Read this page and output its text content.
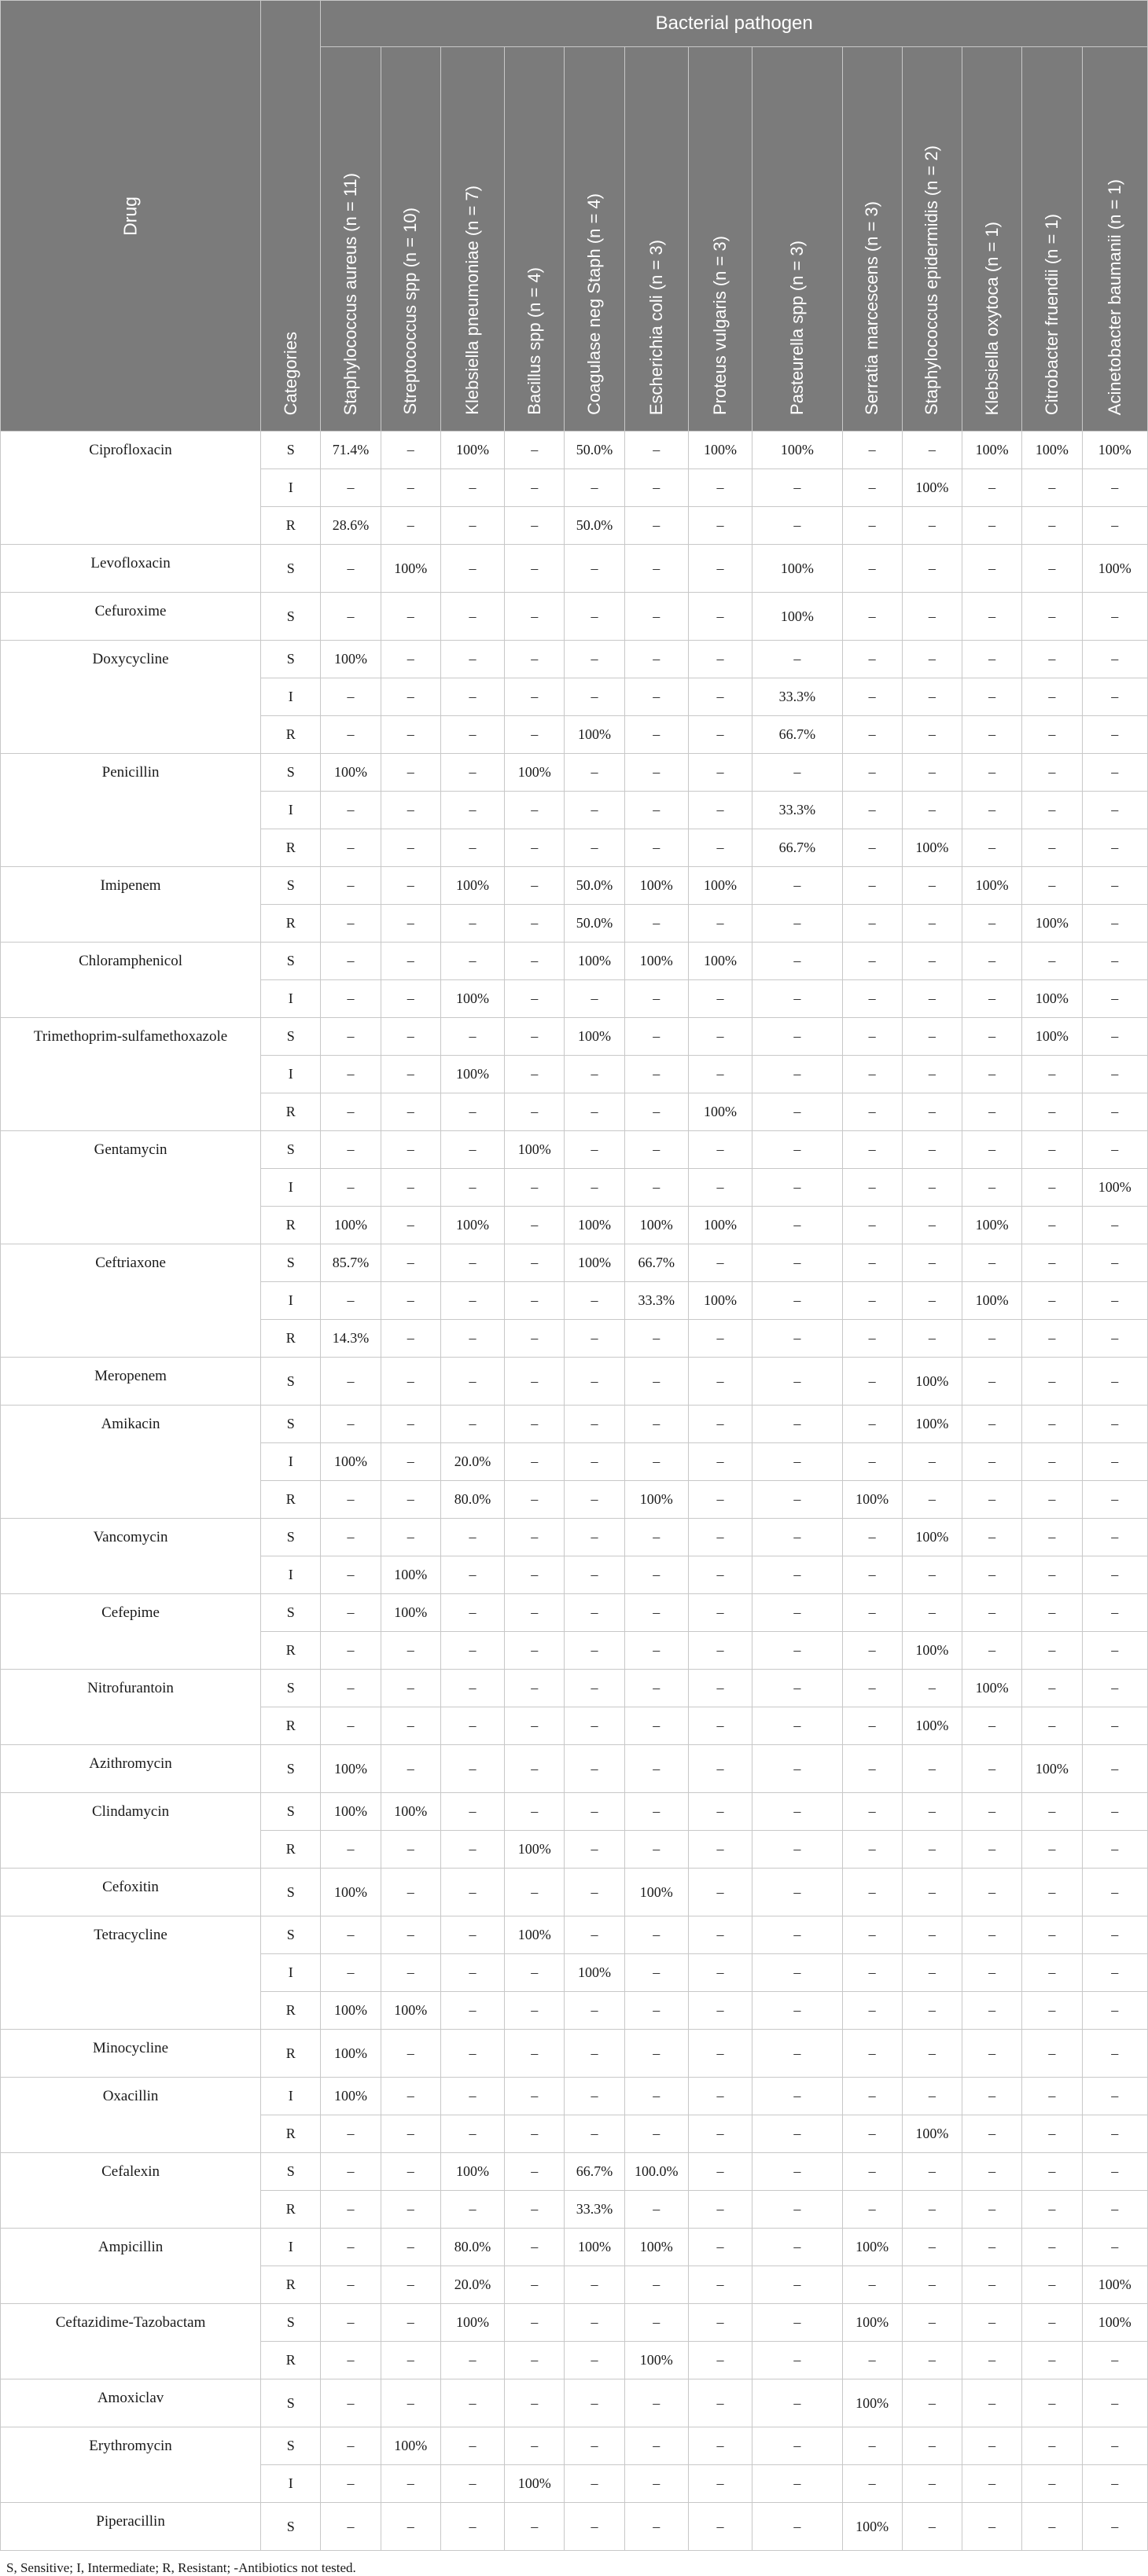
Drug	Categories	Bacterial pathogen												

		Staphylococcus aureus (n = 11)	Streptococcus spp (n = 10)	Klebsiella pneumoniae (n = 7)	Bacillus spp (n = 4)	Coagulase neg Staph (n = 4)	Escherichia coli (n = 3)	Proteus vulgaris (n = 3)	Pasteurella spp (n = 3)	Serratia marcescens (n = 3)	Staphylococcus epidermidis (n = 2)	Klebsiella oxytoca (n = 1)	Citrobacter fruendii (n = 1)	Acinetobacter baumanii (n = 1)

Ciprofloxacin	S	71.4%	–	100%	–	50.0%	–	100%	100%	–	–	100%	100%	100%
	I	–	–	–	–	–	–	–	–	–	100%	–	–	–
	R	28.6%	–	–	–	50.0%	–	–	–	–	–	–	–	–
Levofloxacin	S	–	100%	–	–	–	–	–	100%	–	–	–	–	100%
Cefuroxime	S	–	–	–	–	–	–	–	100%	–	–	–	–	–
Doxycycline	S	100%	–	–	–	–	–	–	–	–	–	–	–	–
	I	–	–	–	–	–	–	–	33.3%	–	–	–	–	–
	R	–	–	–	–	100%	–	–	66.7%	–	–	–	–	–
Penicillin	S	100%	–	–	100%	–	–	–	–	–	–	–	–	–
	I	–	–	–	–	–	–	–	33.3%	–	–	–	–	–
	R	–	–	–	–	–	–	–	66.7%	–	100%	–	–	–
Imipenem	S	–	–	100%	–	50.0%	100%	100%	–	–	–	100%	–	–
	R	–	–	–	–	50.0%	–	–	–	–	–	–	100%	–
Chloramphenicol	S	–	–	–	–	100%	100%	100%	–	–	–	–	–	–
	I	–	–	100%	–	–	–	–	–	–	–	–	100%	–
Trimethoprim-sulfamethoxazole	S	–	–	–	–	100%	–	–	–	–	–	–	100%	–
	I	–	–	100%	–	–	–	–	–	–	–	–	–	–
	R	–	–	–	–	–	–	100%	–	–	–	–	–	–
Gentamycin	S	–	–	–	100%	–	–	–	–	–	–	–	–	–
	I	–	–	–	–	–	–	–	–	–	–	–	–	100%
	R	100%	–	100%	–	100%	100%	100%	–	–	–	100%	–	–
Ceftriaxone	S	85.7%	–	–	–	100%	66.7%	–	–	–	–	–	–	–
	I	–	–	–	–	–	33.3%	100%	–	–	–	100%	–	–
	R	14.3%	–	–	–	–	–	–	–	–	–	–	–	–
Meropenem	S	–	–	–	–	–	–	–	–	–	100%	–	–	–
Amikacin	S	–	–	–	–	–	–	–	–	–	100%	–	–	–
	I	100%	–	20.0%	–	–	–	–	–	–	–	–	–	–
	R	–	–	80.0%	–	–	100%	–	–	100%	–	–	–	–
Vancomycin	S	–	–	–	–	–	–	–	–	–	100%	–	–	–
	I	–	100%	–	–	–	–	–	–	–	–	–	–	–
Cefepime	S	–	100%	–	–	–	–	–	–	–	–	–	–	–
	R	–	–	–	–	–	–	–	–	–	100%	–	–	–
Nitrofurantoin	S	–	–	–	–	–	–	–	–	–	–	100%	–	–
	R	–	–	–	–	–	–	–	–	–	100%	–	–	–
Azithromycin	S	100%	–	–	–	–	–	–	–	–	–	–	100%	–
Clindamycin	S	100%	100%	–	–	–	–	–	–	–	–	–	–	–
	R	–	–	–	100%	–	–	–	–	–	–	–	–	–
Cefoxitin	S	100%	–	–	–	–	100%	–	–	–	–	–	–	–
Tetracycline	S	–	–	–	100%	–	–	–	–	–	–	–	–	–
	I	–	–	–	–	100%	–	–	–	–	–	–	–	–
	R	100%	100%	–	–	–	–	–	–	–	–	–	–	–
Minocycline	R	100%	–	–	–	–	–	–	–	–	–	–	–	–
Oxacillin	I	100%	–	–	–	–	–	–	–	–	–	–	–	–
	R	–	–	–	–	–	–	–	–	–	100%	–	–	–
Cefalexin	S	–	–	100%	–	66.7%	100.0%	–	–	–	–	–	–	–
	R	–	–	–	–	33.3%	–	–	–	–	–	–	–	–
Ampicillin	I	–	–	80.0%	–	100%	100%	–	–	100%	–	–	–	–
	R	–	–	20.0%	–	–	–	–	–	–	–	–	–	100%
Ceftazidime-Tazobactam	S	–	–	100%	–	–	–	–	–	100%	–	–	–	100%
	R	–	–	–	–	–	100%	–	–	–	–	–	–	–
Amoxiclav	S	–	–	–	–	–	–	–	–	100%	–	–	–	–
Erythromycin	S	–	100%	–	–	–	–	–	–	–	–	–	–	–
	I	–	–	–	100%	–	–	–	–	–	–	–	–	–
Piperacillin	S	–	–	–	–	–	–	–	–	100%	–	–	–	–
S, Sensitive; I, Intermediate; R, Resistant; -Antibiotics not tested.
